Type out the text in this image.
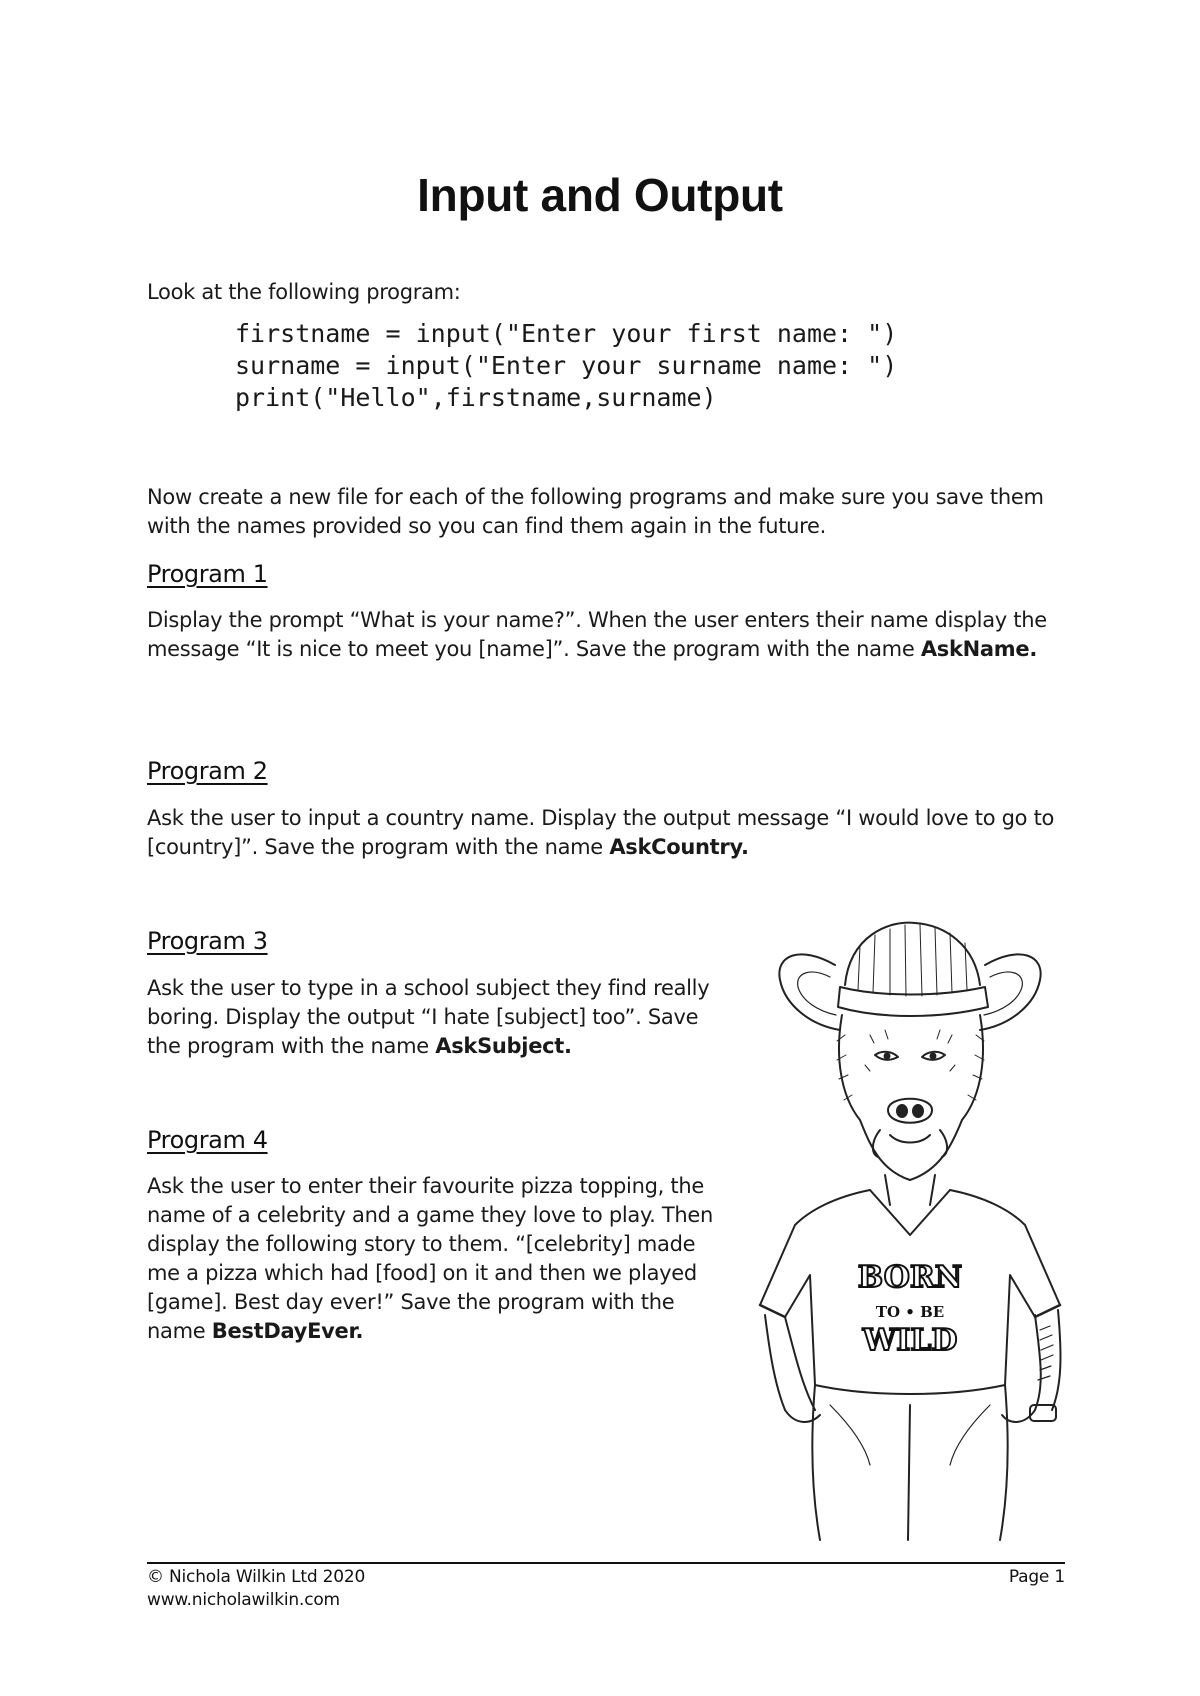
Input and Output

Look at the following program:

firstname = input("Enter your first name: ")
surname = input("Enter your surname name: ")
print("Hello",firstname,surname)

Now create a new file for each of the following programs and make sure you save them with the names provided so you can find them again in the future.

Program 1

Display the prompt “What is your name?”. When the user enters their name display the message “It is nice to meet you [name]”. Save the program with the name AskName.

Program 2

Ask the user to input a country name. Display the output message “I would love to go to [country]”. Save the program with the name AskCountry.

Program 3

Ask the user to type in a school subject they find really boring. Display the output “I hate [subject] too”. Save the program with the name AskSubject.

Program 4

Ask the user to enter their favourite pizza topping, the name of a celebrity and a game they love to play. Then display the following story to them. “[celebrity] made me a pizza which had [food] on it and then we played [game]. Best day ever!” Save the program with the name BestDayEver.

BORN
TO • BE
WILD

© Nichola Wilkin Ltd 2020
www.nicholawilkin.com

Page 1
